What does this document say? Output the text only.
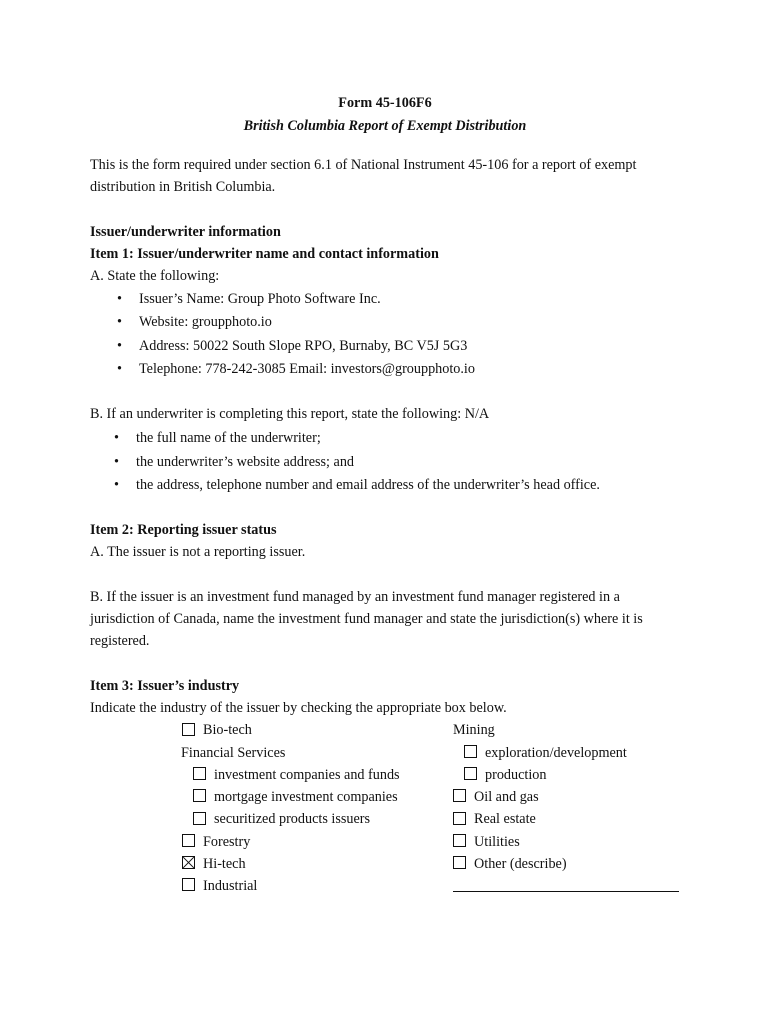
Form 45-106F6
British Columbia Report of Exempt Distribution
This is the form required under section 6.1 of National Instrument 45-106 for a report of exempt
distribution in British Columbia.
Issuer/underwriter information
Item 1: Issuer/underwriter name and contact information
A. State the following:
• Issuer’s Name: Group Photo Software Inc.
• Website: groupphoto.io
• Address: 50022 South Slope RPO, Burnaby, BC V5J 5G3
• Telephone: 778-242-3085 Email: investors@groupphoto.io
B. If an underwriter is completing this report, state the following: N/A
• the full name of the underwriter;
• the underwriter’s website address; and
• the address, telephone number and email address of the underwriter’s head office.
Item 2: Reporting issuer status
A. The issuer is not a reporting issuer.
B. If the issuer is an investment fund managed by an investment fund manager registered in a
jurisdiction of Canada, name the investment fund manager and state the jurisdiction(s) where it is
registered.
Item 3: Issuer’s industry
Indicate the industry of the issuer by checking the appropriate box below.
Bio-tech
Financial Services
investment companies and funds
mortgage investment companies
securitized products issuers
Forestry
Hi-tech
Industrial
Mining
exploration/development
production
Oil and gas
Real estate
Utilities
Other (describe)
